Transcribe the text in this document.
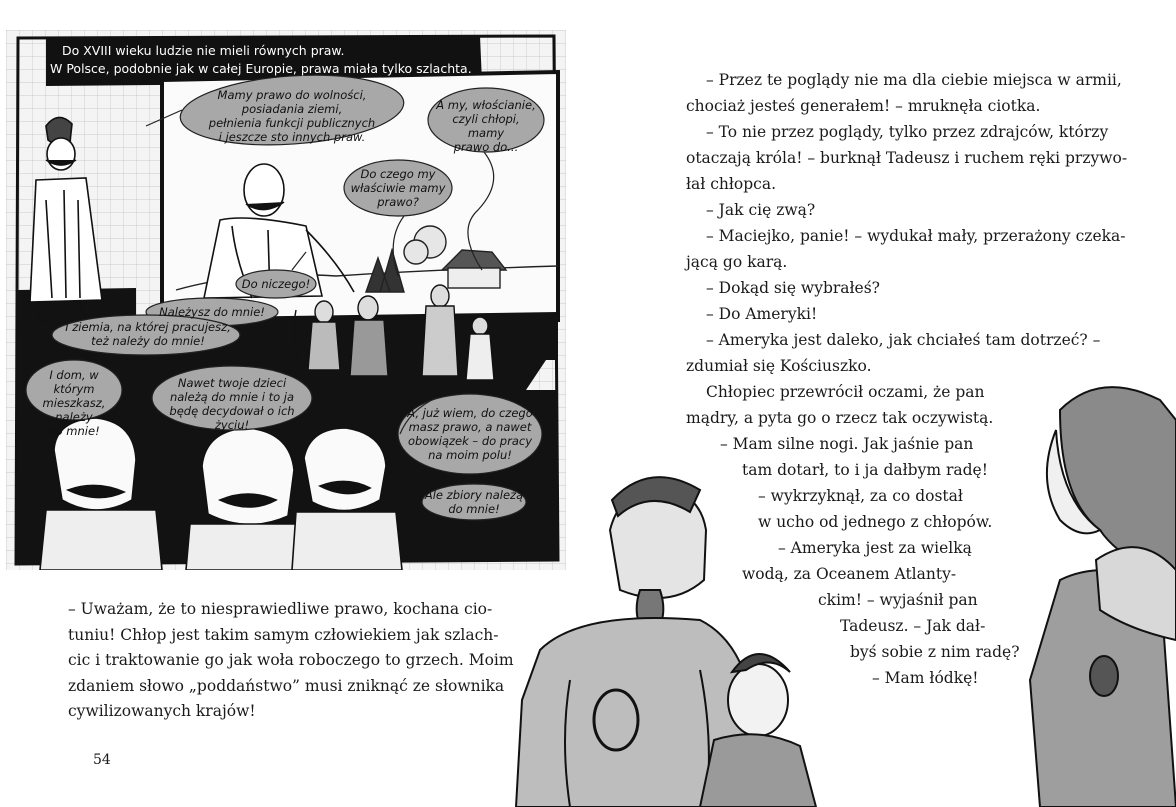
Do XVIII wieku ludzie nie mieli równych praw.
W Polsce, podobnie jak w całej Europie, prawa miała tylko szlachta.
Mamy prawo do wolności, posiadania ziemi,
pełnienia funkcji publicznych
i jeszcze sto innych praw.
A my, włościanie,
czyli chłopi, mamy
prawo do...
Do czego my
właściwie mamy
prawo?
Do niczego!
Należysz do mnie!
I ziemia, na której pracujesz,
też należy do mnie!
I dom, w którym
mieszkasz, należy
do mnie!
Nawet twoje dzieci
należą do mnie i to ja
będę decydował o ich życiu!
A, już wiem, do czego
masz prawo, a nawet
obowiązek – do pracy
na moim polu!
Ale zbiory należą
do mnie!
– Uważam, że to niesprawiedliwe prawo, kochana cio-
tuniu! Chłop jest takim samym człowiekiem jak szlach-
cic i traktowanie go jak woła roboczego to grzech. Moim
zdaniem słowo „poddaństwo” musi zniknąć ze słownika
cywilizowanych krajów!
54
– Przez te poglądy nie ma dla ciebie miejsca w armii,
chociaż jesteś generałem! – mruknęła ciotka.
– To nie przez poglądy, tylko przez zdrajców, którzy
otaczają króla! – burknął Tadeusz i ruchem ręki przywo-
łał chłopca.
– Jak cię zwą?
– Maciejko, panie! – wydukał mały, przerażony czeka-
jącą go karą.
– Dokąd się wybrałeś?
– Do Ameryki!
– Ameryka jest daleko, jak chciałeś tam dotrzeć? –
zdumiał się Kościuszko.
Chłopiec przewrócił oczami, że pan
mądry, a pyta go o rzecz tak oczywistą.
– Mam silne nogi. Jak jaśnie pan
tam dotarł, to i ja dałbym radę!
– wykrzyknął, za co dostał
w ucho od jednego z chłopów.
– Ameryka jest za wielką
wodą, za Oceanem Atlanty-
ckim! – wyjaśnił pan
Tadeusz. – Jak dał-
byś sobie z nim radę?
– Mam łódkę!
